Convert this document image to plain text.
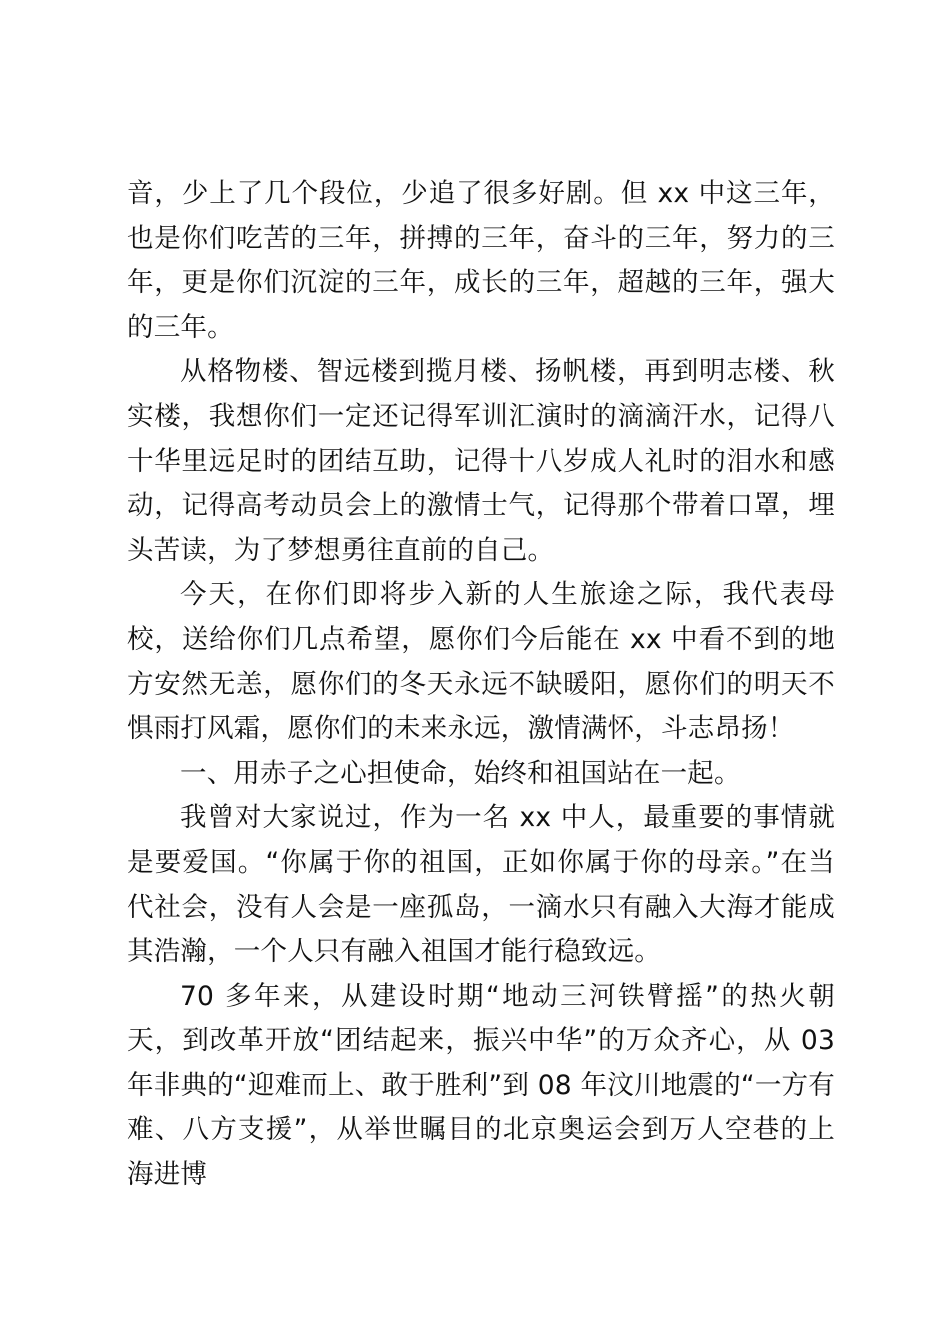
音，少上了几个段位，少追了很多好剧。但 xx 中这三年，也是你们吃苦的三年，拼搏的三年，奋斗的三年，努力的三年，更是你们沉淀的三年，成长的三年，超越的三年，强大的三年。

从格物楼、智远楼到揽月楼、扬帆楼，再到明志楼、秋实楼，我想你们一定还记得军训汇演时的滴滴汗水，记得八十华里远足时的团结互助，记得十八岁成人礼时的泪水和感动，记得高考动员会上的激情士气，记得那个带着口罩，埋头苦读，为了梦想勇往直前的自己。

今天，在你们即将步入新的人生旅途之际，我代表母校，送给你们几点希望，愿你们今后能在 xx 中看不到的地方安然无恙，愿你们的冬天永远不缺暖阳，愿你们的明天不惧雨打风霜，愿你们的未来永远，激情满怀，斗志昂扬！

一、用赤子之心担使命，始终和祖国站在一起。

我曾对大家说过，作为一名 xx 中人，最重要的事情就是要爱国。“你属于你的祖国，正如你属于你的母亲。”在当代社会，没有人会是一座孤岛，一滴水只有融入大海才能成其浩瀚，一个人只有融入祖国才能行稳致远。

70 多年来，从建设时期“地动三河铁臂摇”的热火朝天，到改革开放“团结起来，振兴中华”的万众齐心，从 03 年非典的“迎难而上、敢于胜利”到 08 年汶川地震的“一方有难、八方支援”，从举世瞩目的北京奥运会到万人空巷的上海进博
